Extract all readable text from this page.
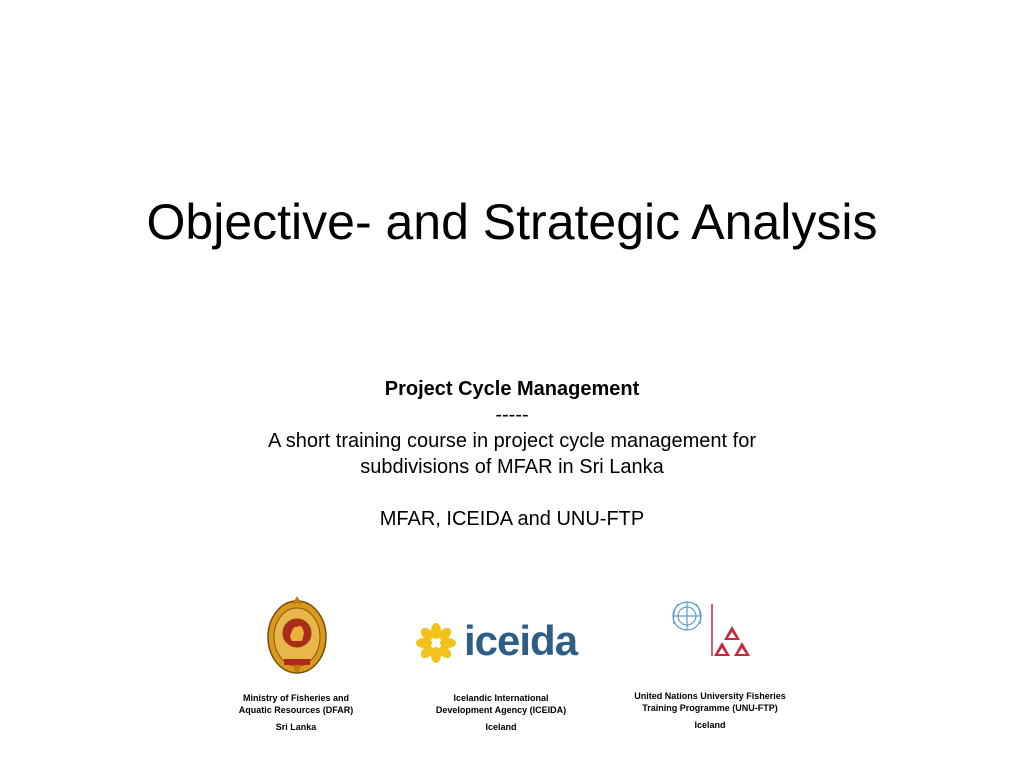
Objective- and Strategic Analysis
Project Cycle Management
-----
A short training course in project cycle management for
subdivisions of MFAR in Sri Lanka
MFAR, ICEIDA and UNU-FTP
Ministry of Fisheries and
Aquatic Resources (DFAR)
Sri Lanka
iceida
Icelandic International
Development Agency (ICEIDA)
Iceland
United Nations University Fisheries
Training Programme (UNU-FTP)
Iceland
